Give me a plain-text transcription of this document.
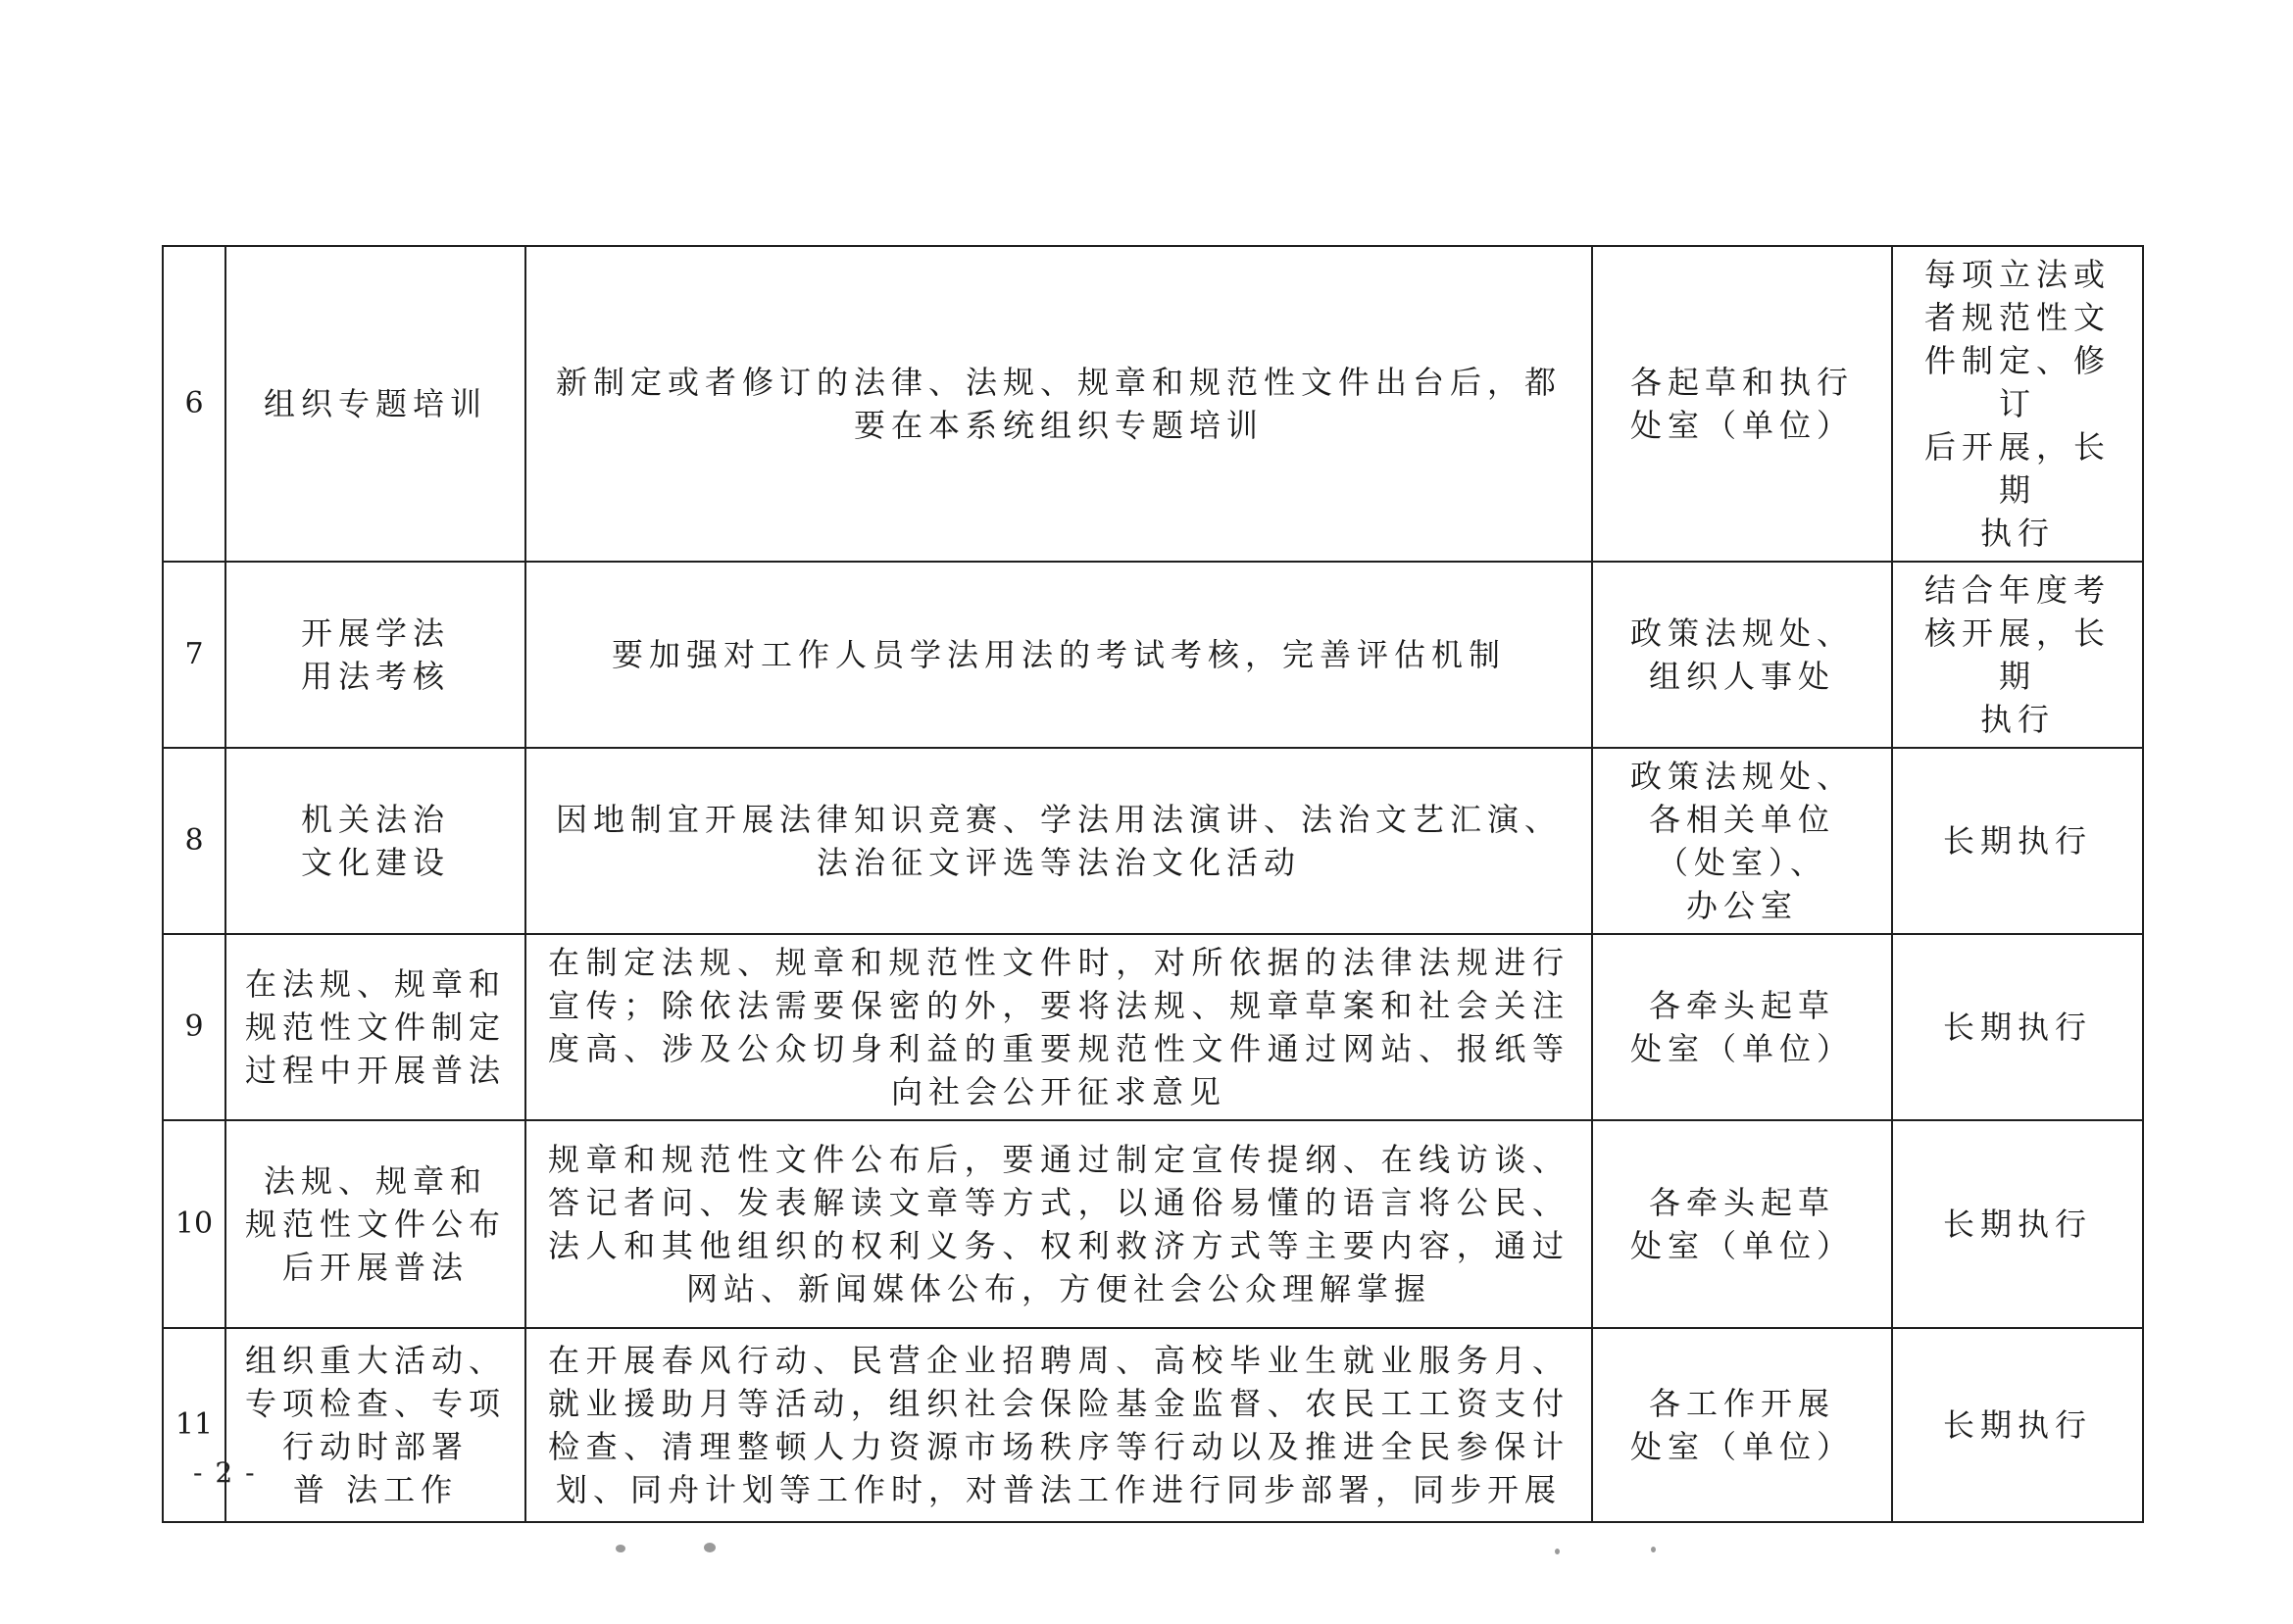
6	组织专题培训	新制定或者修订的法律、法规、规章和规范性文件出台后，都
要在本系统组织专题培训	各起草和执行
处室（单位）	每项立法或
者规范性文
件制定、修订
后开展，长期
执行

7	开展学法
用法考核	要加强对工作人员学法用法的考试考核，完善评估机制	政策法规处、
组织人事处	结合年度考
核开展，长期
执行

8	机关法治
文化建设	因地制宜开展法律知识竞赛、学法用法演讲、法治文艺汇演、
法治征文评选等法治文化活动	政策法规处、
各相关单位
（处室）、
办公室	长期执行

9	在法规、规章和
规范性文件制定
过程中开展普法	在制定法规、规章和规范性文件时，对所依据的法律法规进行宣传；除依法需要保密的外，要将法规、规章草案和社会关注度高、涉及公众切身利益的重要规范性文件通过网站、报纸等向社会公开征求意见	各牵头起草
处室（单位）	长期执行

10	法规、规章和
规范性文件公布
后开展普法	规章和规范性文件公布后，要通过制定宣传提纲、在线访谈、答记者问、发表解读文章等方式，以通俗易懂的语言将公民、法人和其他组织的权利义务、权利救济方式等主要内容，通过网站、新闻媒体公布，方便社会公众理解掌握	各牵头起草
处室（单位）	长期执行

11	组织重大活动、
专项检查、专项
行动时部署
普 法工作	在开展春风行动、民营企业招聘周、高校毕业生就业服务月、就业援助月等活动，组织社会保险基金监督、农民工工资支付检查、清理整顿人力资源市场秩序等行动以及推进全民参保计划、同舟计划等工作时，对普法工作进行同步部署，同步开展	各工作开展
处室（单位）	长期执行
- 2 -
